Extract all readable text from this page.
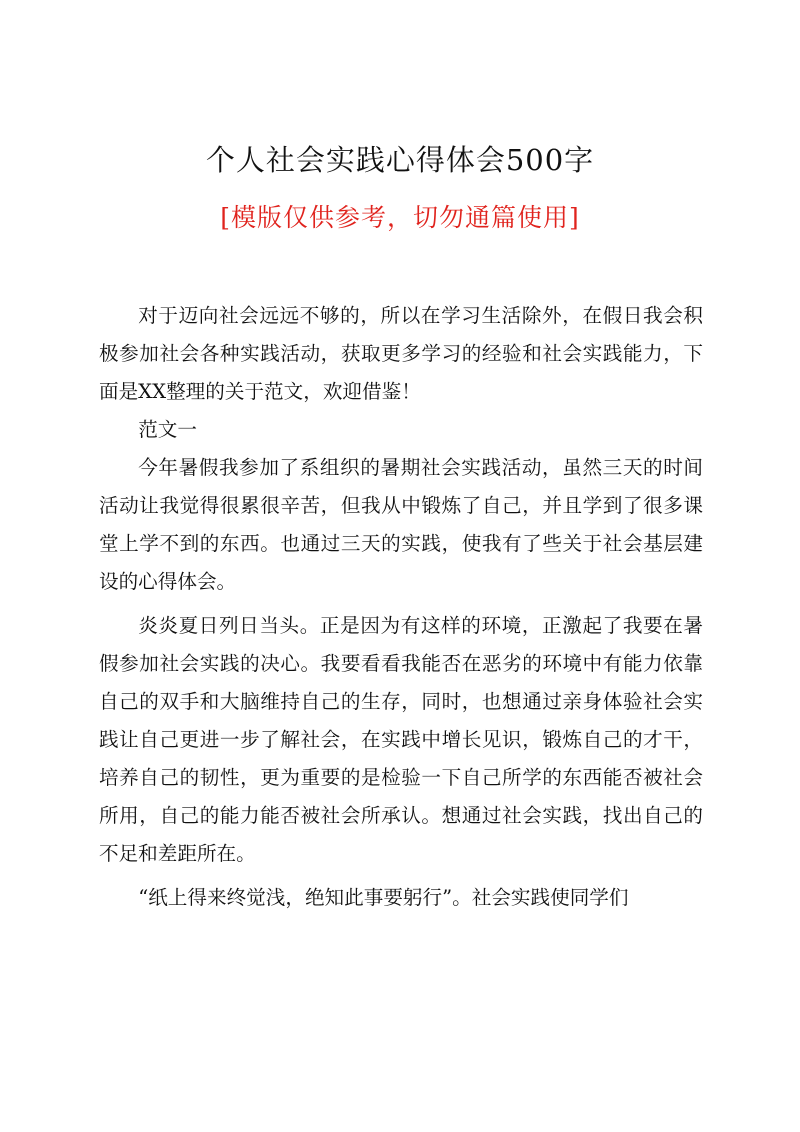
个人社会实践心得体会500字
[模版仅供参考，切勿通篇使用]

对于迈向社会远远不够的，所以在学习生活除外，在假日我会积极参加社会各种实践活动，获取更多学习的经验和社会实践能力，下面是XX整理的关于范文，欢迎借鉴！

范文一

今年暑假我参加了系组织的暑期社会实践活动，虽然三天的时间活动让我觉得很累很辛苦，但我从中锻炼了自己，并且学到了很多课堂上学不到的东西。也通过三天的实践，使我有了些关于社会基层建设的心得体会。

炎炎夏日列日当头。正是因为有这样的环境，正激起了我要在暑假参加社会实践的决心。我要看看我能否在恶劣的环境中有能力依靠自己的双手和大脑维持自己的生存，同时，也想通过亲身体验社会实践让自己更进一步了解社会，在实践中增长见识，锻炼自己的才干，培养自己的韧性，更为重要的是检验一下自己所学的东西能否被社会所用，自己的能力能否被社会所承认。想通过社会实践，找出自己的不足和差距所在。

“纸上得来终觉浅，绝知此事要躬行”。社会实践使同学们
